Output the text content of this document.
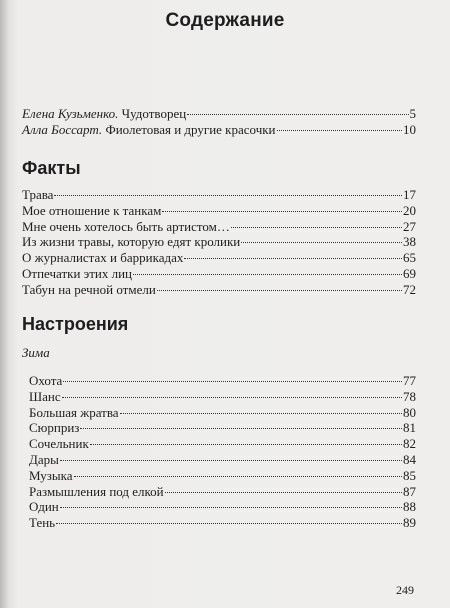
Содержание
Елена Кузьменко. Чудотворец	5
Алла Боссарт. Фиолетовая и другие красочки	10

Факты

Трава	17
Мое отношение к танкам	20
Мне очень хотелось быть артистом…	27
Из жизни травы, которую едят кролики	38
О журналистах и баррикадах	65
Отпечатки этих лиц	69
Табун на речной отмели	72

Настроения

Зима

Охота	77
Шанс	78
Большая жратва	80
Сюрприз	81
Сочельник	82
Дары	84
Музыка	85
Размышления под елкой	87
Один	88
Тень	89
249
